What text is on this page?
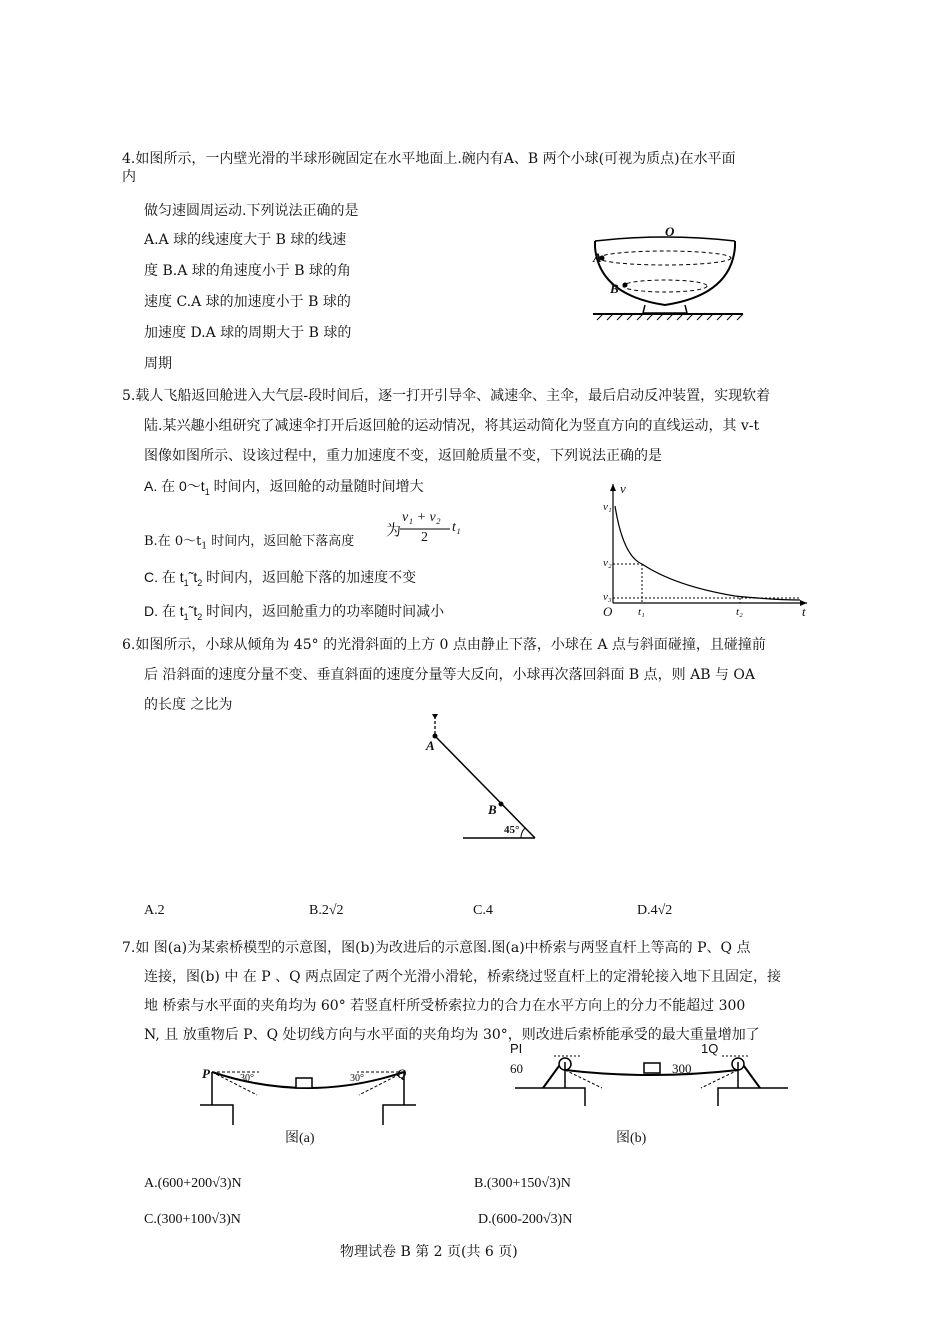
4.如图所示，一内壁光滑的半球形碗固定在水平地面上.碗内有A、B 两个小球(可视为质点)在水平面
内
做匀速圆周运动.下列说法正确的是
A.A 球的线速度大于 B 球的线速
度 B.A 球的角速度小于 B 球的角
速度 C.A 球的加速度小于 B 球的
加速度 D.A 球的周期大于 B 球的
周期
O
A
B
5.载人飞船返回舱进入大气层-段时间后，逐一打开引导伞、减速伞、主伞，最后启动反冲装置，实现软着
陆.某兴趣小组研究了减速伞打开后返回舱的运动情况，将其运动简化为竖直方向的直线运动，其 v-t
图像如图所示、设该过程中，重力加速度不变，返回舱质量不变，下列说法正确的是
A. 在 $0\sim t_1$ 时间内，返回舱的动量随时间增大
B.在 $0\sim t_1$ 时间内，返回舱下落高度
为
v₁ + v₂
2
t₁
C. 在 $t_1˜t_2$ 时间内，返回舱下落的加速度不变
D. 在 $t_1˜t_2$ 时间内，返回舱重力的功率随时间减小
v
v₁
v₂
v₃
O t₁	t₂	t
6.如图所示，小球从倾角为 45° 的光滑斜面的上方 0 点由静止下落，小球在 A 点与斜面碰撞，且碰撞前
后 沿斜面的速度分量不变、垂直斜面的速度分量等大反向，小球再次落回斜面 B 点，则 AB 与 OA
的长度 之比为
A
B
45°
A.2	B.2√2	C.4	D.4√2
7.如 图(a)为某索桥模型的示意图，图(b)为改进后的示意图.图(a)中桥索与两竖直杆上等高的 P、Q 点
连接，图(b) 中 在 P 、Q 两点固定了两个光滑小滑轮，桥索绕过竖直杆上的定滑轮接入地下且固定，接
地 桥索与水平面的夹角均为 60° 若竖直杆所受桥索拉力的合力在水平方向上的分力不能超过 300
N, 且 放重物后 P、Q 处切线方向与水平面的夹角均为 30°，则改进后索桥能承受的最大重量增加了
P	Q
30°	30°
图(a)
PI
60	300
1Q
图(b)
A.(600+200√3)N	B.(300+150√3)N
C.(300+100√3)N	D.(600-200√3)N
物理试卷 B 第 2 页(共 6 页)
